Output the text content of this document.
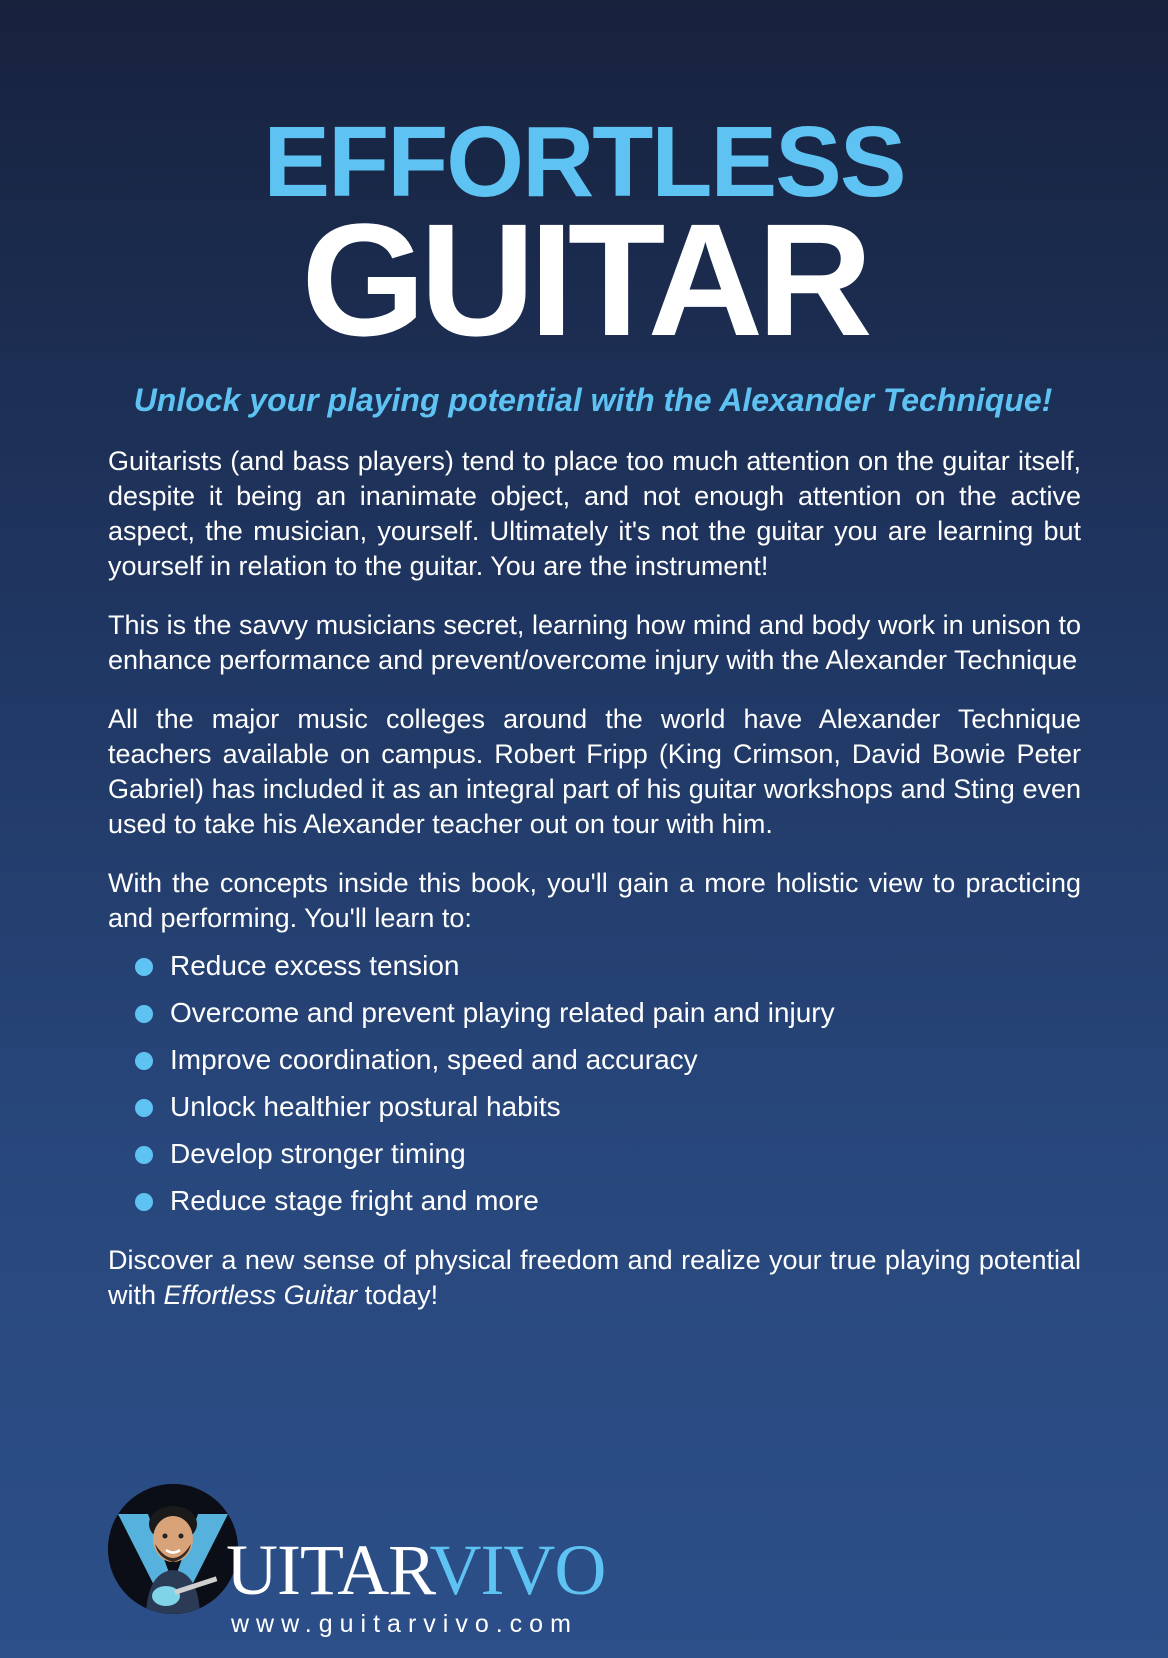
EFFORTLESS
GUITAR
Unlock your playing potential with the Alexander Technique!

Guitarists (and bass players) tend to place too much attention on the guitar itself, despite it being an inanimate object, and not enough attention on the active aspect, the musician, yourself. Ultimately it's not the guitar you are learning but yourself in relation to the guitar. You are the instrument!

This is the savvy musicians secret, learning how mind and body work in unison to enhance performance and prevent/overcome injury with the Alexander Technique

All the major music colleges around the world have Alexander Technique teachers available on campus. Robert Fripp (King Crimson, David Bowie Peter Gabriel) has included it as an integral part of his guitar workshops and Sting even used to take his Alexander teacher out on tour with him.

With the concepts inside this book, you'll gain a more holistic view to practicing and performing. You'll learn to:

Reduce excess tension
Overcome and prevent playing related pain and injury
Improve coordination, speed and accuracy
Unlock healthier postural habits
Develop stronger timing
Reduce stage fright and more

Discover a new sense of physical freedom and realize your true playing potential with Effortless Guitar today!

UITARVIVO
www.guitarvivo.com
